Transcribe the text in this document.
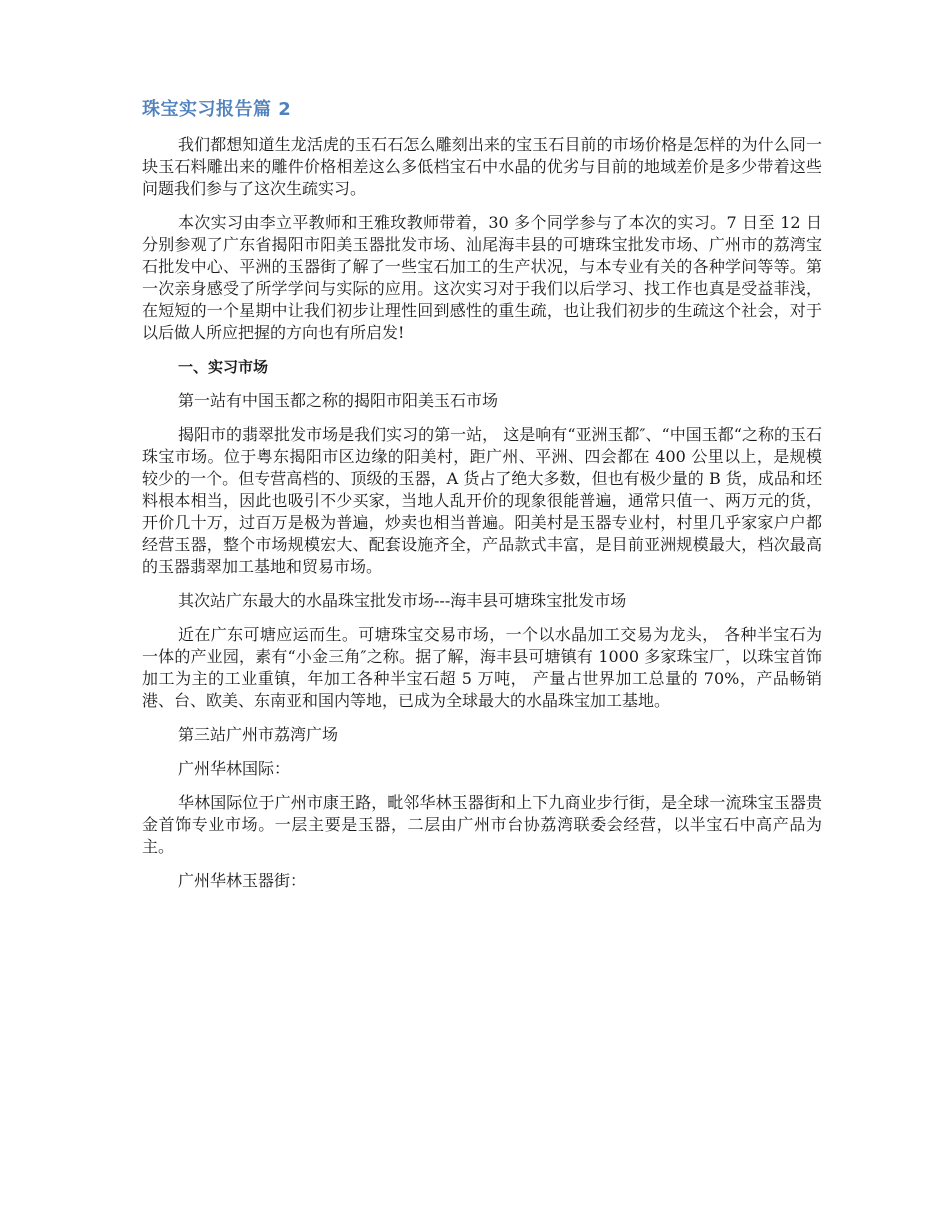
珠宝实习报告篇 2

我们都想知道生龙活虎的玉石石怎么雕刻出来的宝玉石目前的市场价格是怎样的为什么同一块玉石料雕出来的雕件价格相差这么多低档宝石中水晶的优劣与目前的地域差价是多少带着这些问题我们参与了这次生疏实习。

本次实习由李立平教师和王雅玫教师带着，30 多个同学参与了本次的实习。7 日至 12 日分别参观了广东省揭阳市阳美玉器批发市场、汕尾海丰县的可塘珠宝批发市场、广州市的荔湾宝石批发中心、平洲的玉器街了解了一些宝石加工的生产状况，与本专业有关的各种学问等等。第一次亲身感受了所学学问与实际的应用。这次实习对于我们以后学习、找工作也真是受益菲浅，在短短的一个星期中让我们初步让理性回到感性的重生疏，也让我们初步的生疏这个社会，对于以后做人所应把握的方向也有所启发!

一、实习市场

第一站有中国玉都之称的揭阳市阳美玉石市场

揭阳市的翡翠批发市场是我们实习的第一站， 这是响有“亚洲玉都″、“中国玉都“之称的玉石珠宝市场。位于粤东揭阳市区边缘的阳美村，距广州、平洲、四会都在 400 公里以上，是规模较少的一个。但专营高档的、顶级的玉器，A 货占了绝大多数，但也有极少量的 B 货，成品和坯料根本相当，因此也吸引不少买家，当地人乱开价的现象很能普遍，通常只值一、两万元的货，开价几十万，过百万是极为普遍，炒卖也相当普遍。阳美村是玉器专业村，村里几乎家家户户都经营玉器，整个市场规模宏大、配套设施齐全，产品款式丰富，是目前亚洲规模最大，档次最高的玉器翡翠加工基地和贸易市场。

其次站广东最大的水晶珠宝批发市场---海丰县可塘珠宝批发市场

近在广东可塘应运而生。可塘珠宝交易市场，一个以水晶加工交易为龙头， 各种半宝石为一体的产业园，素有“小金三角″之称。据了解，海丰县可塘镇有 1000 多家珠宝厂，以珠宝首饰加工为主的工业重镇，年加工各种半宝石超 5 万吨， 产量占世界加工总量的 70%，产品畅销港、台、欧美、东南亚和国内等地，已成为全球最大的水晶珠宝加工基地。

第三站广州市荔湾广场

广州华林国际：

华林国际位于广州市康王路，毗邻华林玉器街和上下九商业步行街，是全球一流珠宝玉器贵金首饰专业市场。一层主要是玉器，二层由广州市台协荔湾联委会经营，以半宝石中高产品为主。

广州华林玉器街：
